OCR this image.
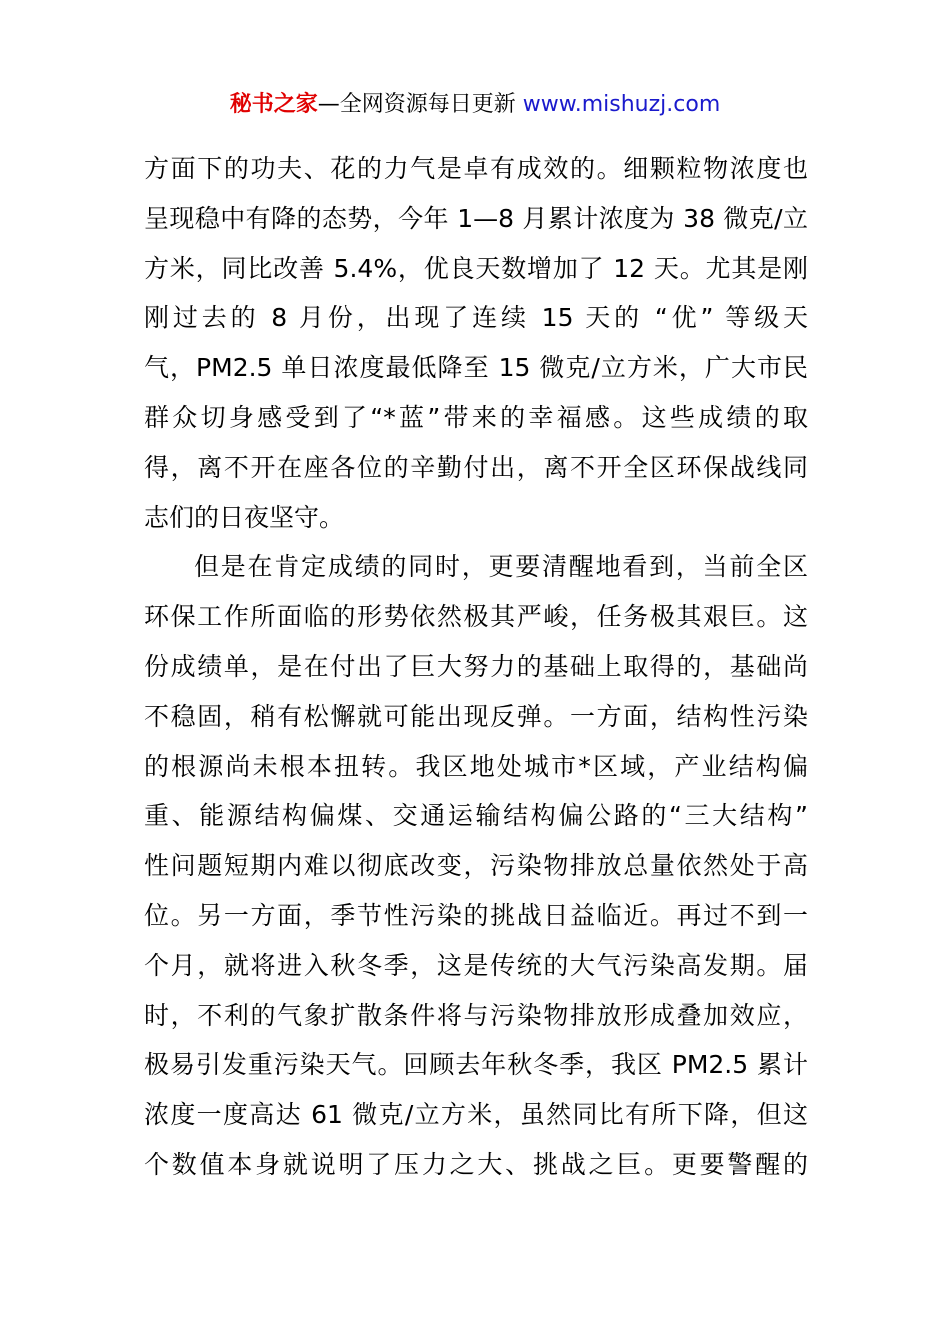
秘书之家—全网资源每日更新 www.mishuzj.com
方面下的功夫、花的力气是卓有成效的。细颗粒物浓度也
呈现稳中有降的态势，今年 1—8 月累计浓度为 38 微克/立
方米，同比改善 5.4%，优良天数增加了 12 天。尤其是刚
刚过去的 8 月份，出现了连续 15 天的 “优” 等级天
气，PM2.5 单日浓度最低降至 15 微克/立方米，广大市民
群众切身感受到了“*蓝”带来的幸福感。这些成绩的取
得，离不开在座各位的辛勤付出，离不开全区环保战线同
志们的日夜坚守。
但是在肯定成绩的同时，更要清醒地看到，当前全区
环保工作所面临的形势依然极其严峻，任务极其艰巨。这
份成绩单，是在付出了巨大努力的基础上取得的，基础尚
不稳固，稍有松懈就可能出现反弹。一方面，结构性污染
的根源尚未根本扭转。我区地处城市*区域，产业结构偏
重、能源结构偏煤、交通运输结构偏公路的“三大结构”
性问题短期内难以彻底改变，污染物排放总量依然处于高
位。另一方面，季节性污染的挑战日益临近。再过不到一
个月，就将进入秋冬季，这是传统的大气污染高发期。届
时，不利的气象扩散条件将与污染物排放形成叠加效应，
极易引发重污染天气。回顾去年秋冬季，我区 PM2.5 累计
浓度一度高达 61 微克/立方米，虽然同比有所下降，但这
个数值本身就说明了压力之大、挑战之巨。更要警醒的
